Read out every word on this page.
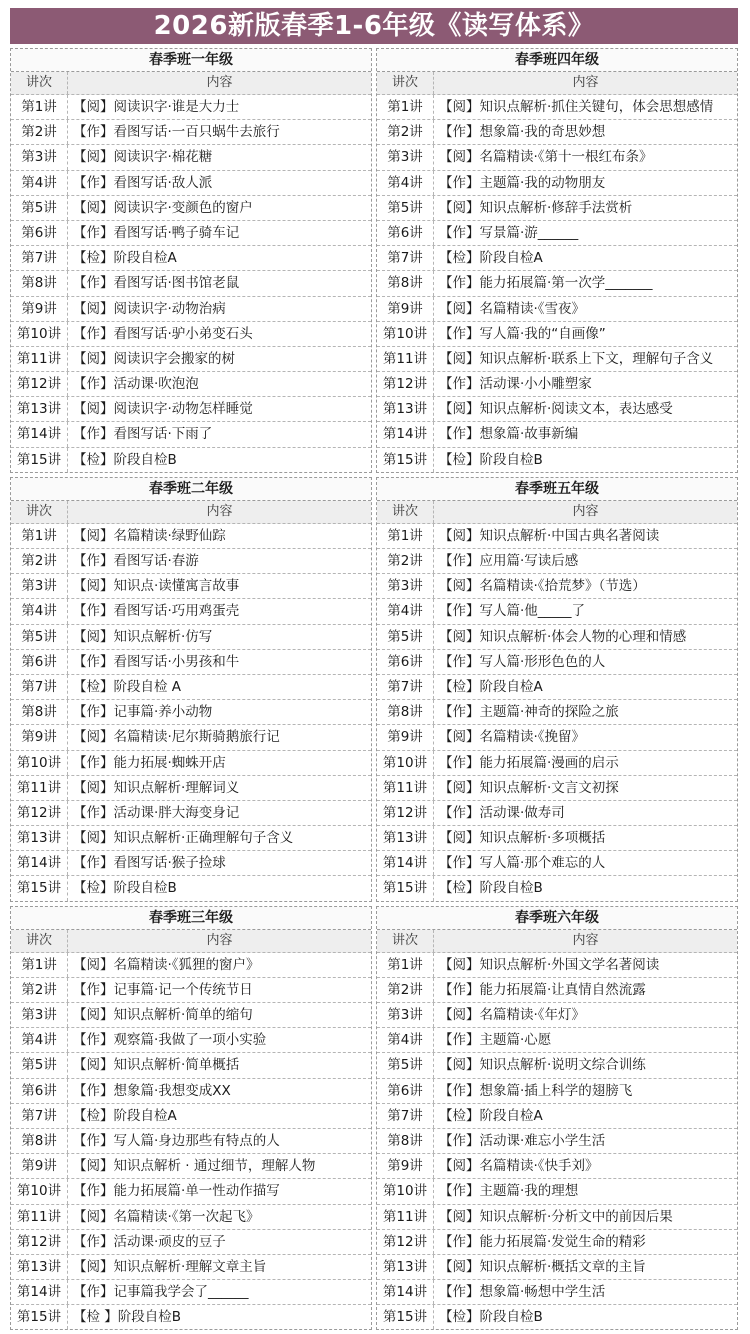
2026新版春季1-6年级《读写体系》
春季班一年级
讲次	内容
第1讲	【阅】阅读识字·谁是大力士
第2讲	【作】看图写话·一百只蜗牛去旅行
第3讲	【阅】阅读识字·棉花糖
第4讲	【作】看图写话·敌人派
第5讲	【阅】阅读识字·变颜色的窗户
第6讲	【作】看图写话·鸭子骑车记
第7讲	【检】阶段自检A
第8讲	【作】看图写话·图书馆老鼠
第9讲	【阅】阅读识字·动物治病
第10讲 【作】看图写话·驴小弟变石头
第11讲 【阅】阅读识字会搬家的树
第12讲 【作】活动课·吹泡泡
第13讲 【阅】阅读识字·动物怎样睡觉
第14讲 【作】看图写话·下雨了
第15讲 【检】阶段自检B
春季班二年级
讲次	内容
第1讲	【阅】名篇精读·绿野仙踪
第2讲	【作】看图写话·春游
第3讲	【阅】知识点·读懂寓言故事
第4讲	【作】看图写话·巧用鸡蛋壳
第5讲	【阅】知识点解析·仿写
第6讲	【作】看图写话·小男孩和牛
第7讲	【检】阶段自检 A
第8讲	【作】记事篇·养小动物
第9讲	【阅】名篇精读·尼尔斯骑鹅旅行记
第10讲 【作】能力拓展·蜘蛛开店
第11讲 【阅】知识点解析·理解词义
第12讲 【作】活动课·胖大海变身记
第13讲 【阅】知识点解析·正确理解句子含义
第14讲 【作】看图写话·猴子捡球
第15讲 【检】阶段自检B
春季班三年级
讲次	内容
第1讲	【阅】名篇精读·《狐狸的窗户》
第2讲	【作】记事篇·记一个传统节日
第3讲	【阅】知识点解析·简单的缩句
第4讲	【作】观察篇·我做了一项小实验
第5讲	【阅】知识点解析·简单概括
第6讲	【作】想象篇·我想变成XX
第7讲	【检】阶段自检A
第8讲	【作】写人篇·身边那些有特点的人
第9讲	【阅】知识点解析 · 通过细节，理解人物
第10讲 【作】能力拓展篇·单一性动作描写
第11讲 【阅】名篇精读·《第一次起飞》
第12讲 【作】活动课·顽皮的豆子
第13讲 【阅】知识点解析·理解文章主旨
第14讲 【作】记事篇我学会了______
第15讲 【检 】阶段自检B
春季班四年级
讲次	内容
第1讲	【阅】知识点解析·抓住关键句，体会思想感情
第2讲	【作】想象篇·我的奇思妙想
第3讲	【阅】名篇精读·《第十一根红布条》
第4讲	【作】主题篇·我的动物朋友
第5讲	【阅】知识点解析·修辞手法赏析
第6讲	【作】写景篇·游______
第7讲	【检】阶段自检A
第8讲	【作】能力拓展篇·第一次学_______
第9讲	【阅】名篇精读·《雪夜》
第10讲 【作】写人篇·我的“自画像”
第11讲 【阅】知识点解析·联系上下文，理解句子含义
第12讲 【作】活动课·小小雕塑家
第13讲 【阅】知识点解析·阅读文本，表达感受
第14讲 【作】想象篇·故事新编
第15讲 【检】阶段自检B
春季班五年级
讲次	内容
第1讲	【阅】知识点解析·中国古典名著阅读
第2讲	【作】应用篇·写读后感
第3讲	【阅】名篇精读·《拾荒梦》（节选）
第4讲	【作】写人篇·他_____了
第5讲	【阅】知识点解析·体会人物的心理和情感
第6讲	【作】写人篇·形形色色的人
第7讲	【检】阶段自检A
第8讲	【作】主题篇·神奇的探险之旅
第9讲	【阅】名篇精读·《挽留》
第10讲 【作】能力拓展篇·漫画的启示
第11讲 【阅】知识点解析·文言文初探
第12讲 【作】活动课·做寿司
第13讲 【阅】知识点解析·多项概括
第14讲 【作】写人篇·那个难忘的人
第15讲 【检】阶段自检B
春季班六年级
讲次	内容
第1讲	【阅】知识点解析·外国文学名著阅读
第2讲	【作】能力拓展篇·让真情自然流露
第3讲	【阅】名篇精读·《年灯》
第4讲	【作】主题篇·心愿
第5讲	【阅】知识点解析·说明文综合训练
第6讲	【作】想象篇·插上科学的翅膀飞
第7讲	【检】阶段自检A
第8讲	【作】活动课·难忘小学生活
第9讲	【阅】名篇精读·《快手刘》
第10讲 【作】主题篇·我的理想
第11讲 【阅】知识点解析·分析文中的前因后果
第12讲 【作】能力拓展篇·发觉生命的精彩
第13讲 【阅】知识点解析·概括文章的主旨
第14讲 【作】想象篇·畅想中学生活
第15讲 【检】阶段自检B
